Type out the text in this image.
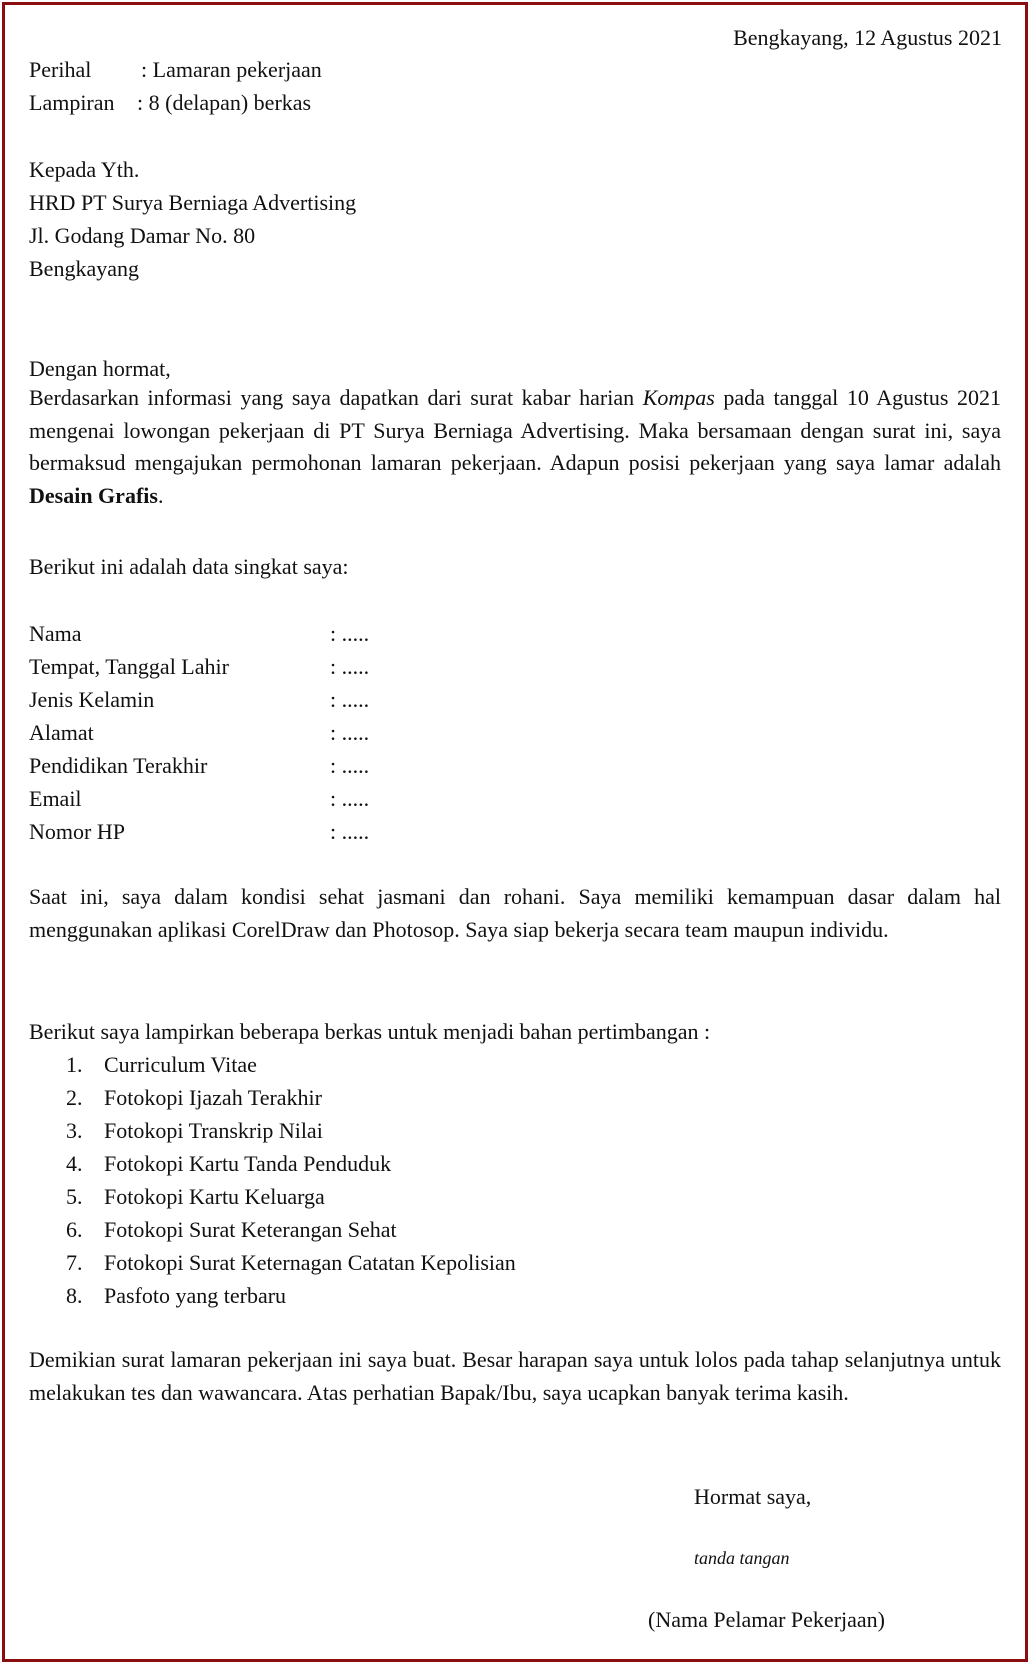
Bengkayang, 12 Agustus 2021
Perihal : Lamaran pekerjaan
Lampiran : 8 (delapan) berkas
Kepada Yth.
HRD PT Surya Berniaga Advertising
Jl. Godang Damar No. 80
Bengkayang
Dengan hormat,

Berdasarkan informasi yang saya dapatkan dari surat kabar harian Kompas pada tanggal 10 Agustus 2021 mengenai lowongan pekerjaan di PT Surya Berniaga Advertising. Maka bersamaan dengan surat ini, saya bermaksud mengajukan permohonan lamaran pekerjaan. Adapun posisi pekerjaan yang saya lamar adalah Desain Grafis.

Berikut ini adalah data singkat saya:
Nama	: .....
Tempat, Tanggal Lahir	: .....
Jenis Kelamin	: .....
Alamat	: .....
Pendidikan Terakhir	: .....
Email	: .....
Nomor HP	: .....

Saat ini, saya dalam kondisi sehat jasmani dan rohani. Saya memiliki kemampuan dasar dalam hal menggunakan aplikasi CorelDraw dan Photosop. Saya siap bekerja secara team maupun individu.

Berikut saya lampirkan beberapa berkas untuk menjadi bahan pertimbangan :
1. Curriculum Vitae
2. Fotokopi Ijazah Terakhir
3. Fotokopi Transkrip Nilai
4. Fotokopi Kartu Tanda Penduduk
5. Fotokopi Kartu Keluarga
6. Fotokopi Surat Keterangan Sehat
7. Fotokopi Surat Keternagan Catatan Kepolisian
8. Pasfoto yang terbaru

Demikian surat lamaran pekerjaan ini saya buat. Besar harapan saya untuk lolos pada tahap selanjutnya untuk melakukan tes dan wawancara. Atas perhatian Bapak/Ibu, saya ucapkan banyak terima kasih.

Hormat saya,
tanda tangan
(Nama Pelamar Pekerjaan)
